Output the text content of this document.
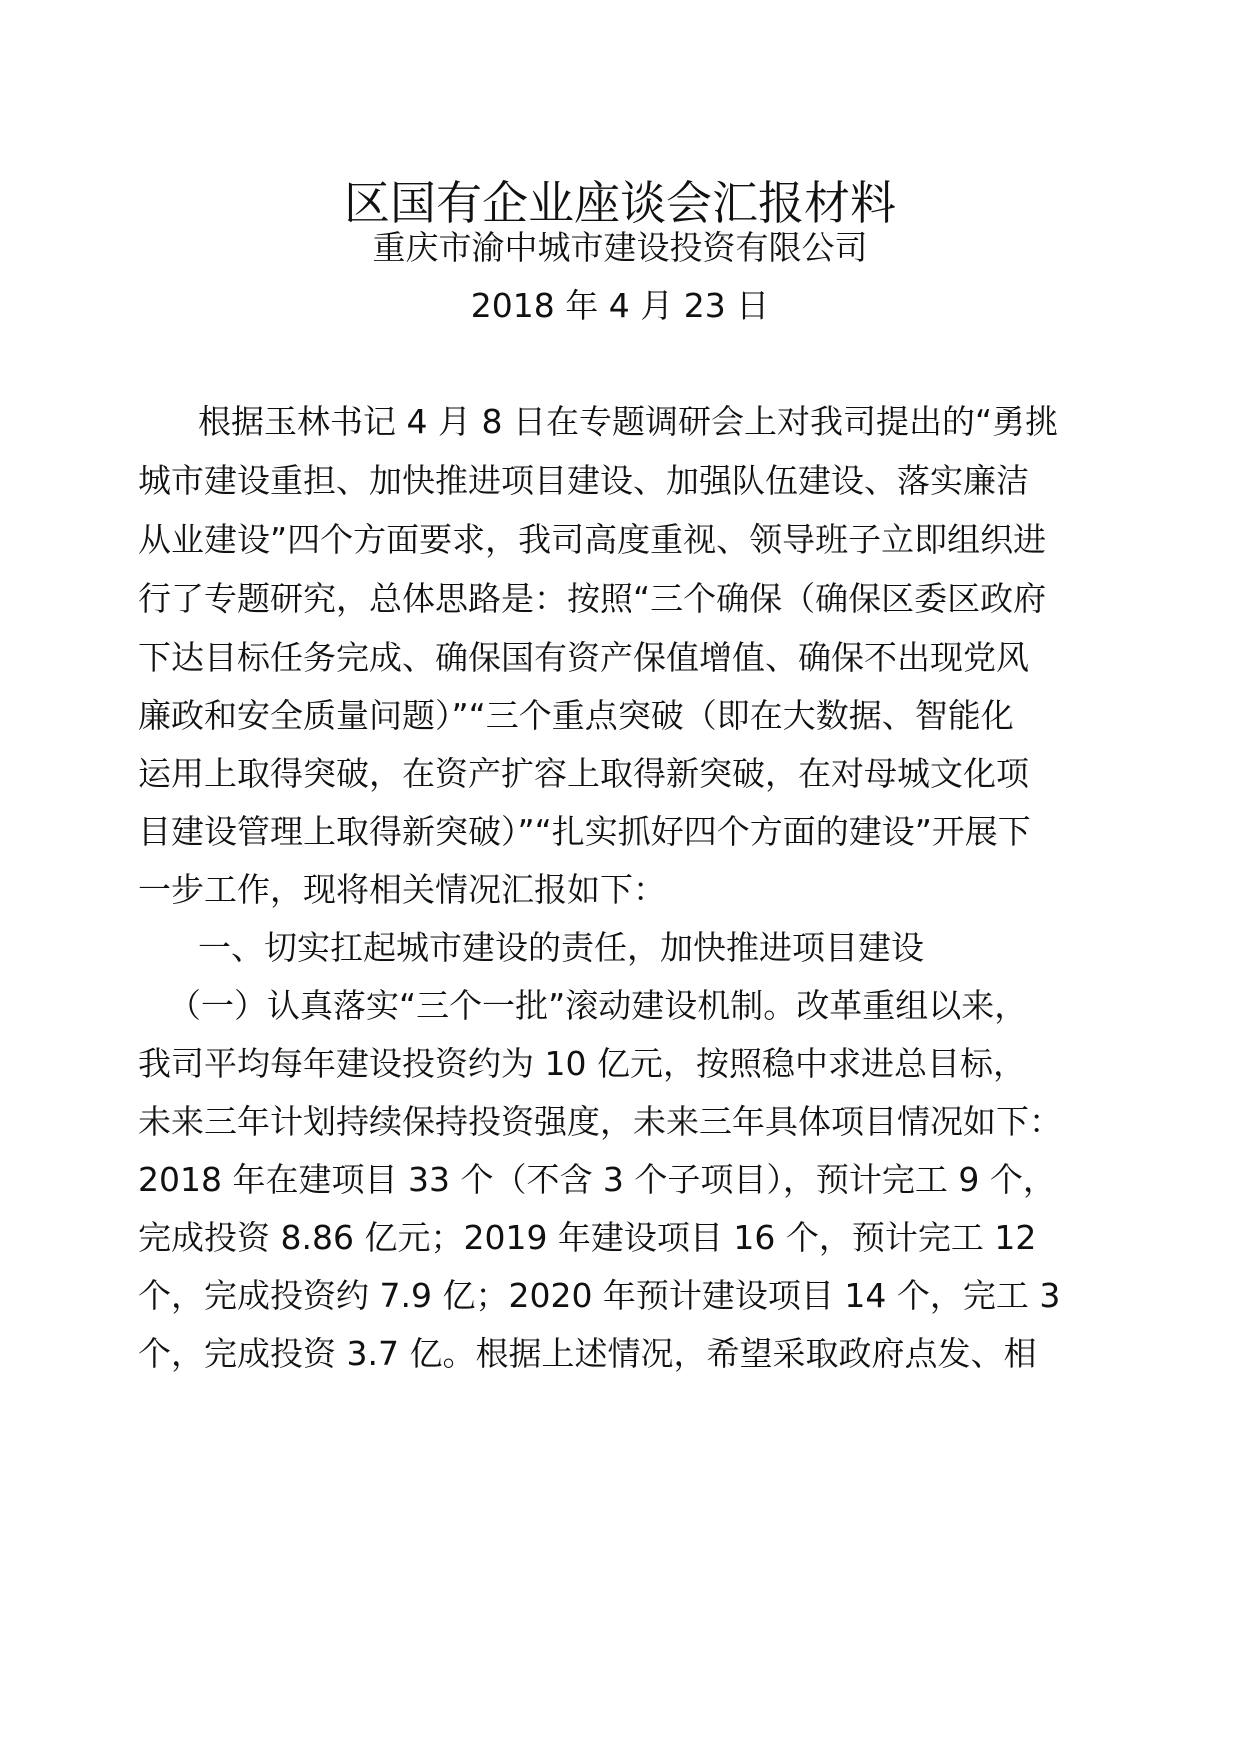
区国有企业座谈会汇报材料
重庆市渝中城市建设投资有限公司
2018 年 4 月 23 日
根据玉林书记 4 月 8 日在专题调研会上对我司提出的“勇挑
城市建设重担、加快推进项目建设、加强队伍建设、落实廉洁
从业建设”四个方面要求，我司高度重视、领导班子立即组织进
行了专题研究，总体思路是：按照“三个确保（确保区委区政府
下达目标任务完成、确保国有资产保值增值、确保不出现党风
廉政和安全质量问题）”“三个重点突破（即在大数据、智能化
运用上取得突破，在资产扩容上取得新突破，在对母城文化项
目建设管理上取得新突破）”“扎实抓好四个方面的建设”开展下
一步工作，现将相关情况汇报如下：
一、切实扛起城市建设的责任，加快推进项目建设
（一）认真落实“三个一批”滚动建设机制。改革重组以来，
我司平均每年建设投资约为 10 亿元，按照稳中求进总目标，
未来三年计划持续保持投资强度，未来三年具体项目情况如下：
2018 年在建项目 33 个（不含 3 个子项目），预计完工 9 个，
完成投资 8.86 亿元；2019 年建设项目 16 个，预计完工 12
个，完成投资约 7.9 亿；2020 年预计建设项目 14 个，完工 3
个，完成投资 3.7 亿。根据上述情况，希望采取政府点发、相
